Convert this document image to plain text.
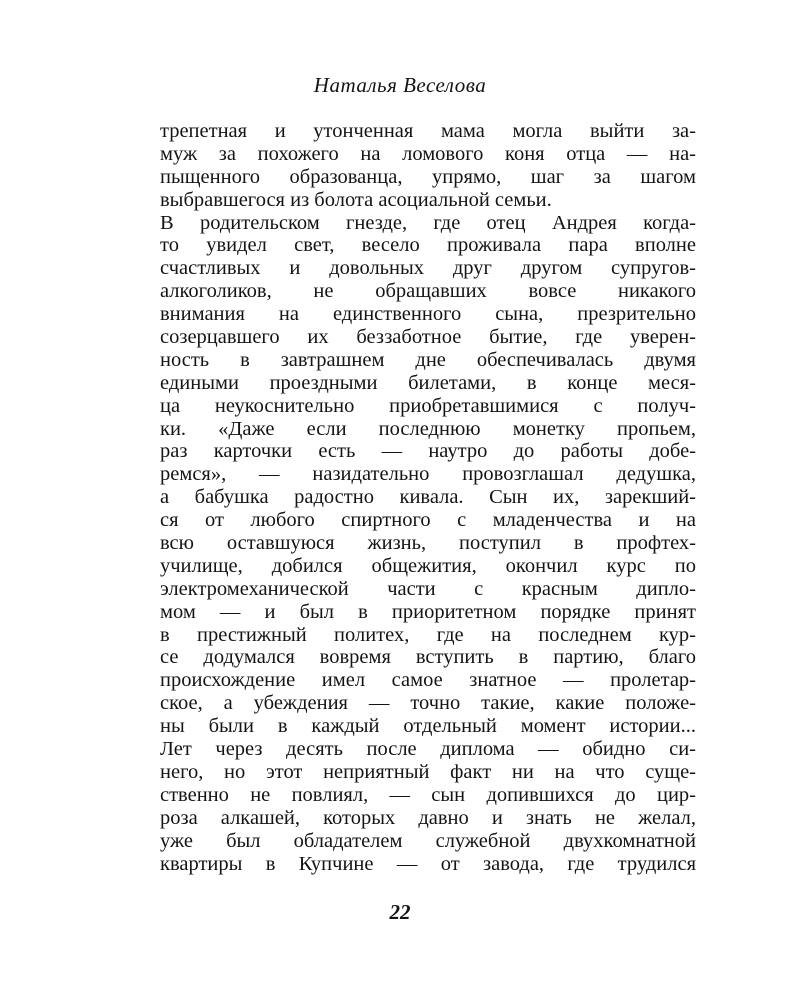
Наталья Веселова
трепетная и утонченная мама могла выйти за-
муж за похожего на ломового коня отца — на-
пыщенного образованца, упрямо, шаг за шагом
выбравшегося из болота асоциальной семьи.
В родительском гнезде, где отец Андрея когда-
то увидел свет, весело проживала пара вполне
счастливых и довольных друг другом супругов-
алкоголиков, не обращавших вовсе никакого
внимания на единственного сына, презрительно
созерцавшего их беззаботное бытие, где уверен-
ность в завтрашнем дне обеспечивалась двумя
едиными проездными билетами, в конце меся-
ца неукоснительно приобретавшимися с получ-
ки. «Даже если последнюю монетку пропьем,
раз карточки есть — наутро до работы добе-
ремся», — назидательно провозглашал дедушка,
а бабушка радостно кивала. Сын их, зарекший-
ся от любого спиртного с младенчества и на
всю оставшуюся жизнь, поступил в профтех-
училище, добился общежития, окончил курс по
электромеханической части с красным дипло-
мом — и был в приоритетном порядке принят
в престижный политех, где на последнем кур-
се додумался вовремя вступить в партию, благо
происхождение имел самое знатное — пролетар-
ское, а убеждения — точно такие, какие положе-
ны были в каждый отдельный момент истории...
Лет через десять после диплома — обидно си-
него, но этот неприятный факт ни на что суще-
ственно не повлиял, — сын допившихся до цир-
роза алкашей, которых давно и знать не желал,
уже был обладателем служебной двухкомнатной
квартиры в Купчине — от завода, где трудился
22
